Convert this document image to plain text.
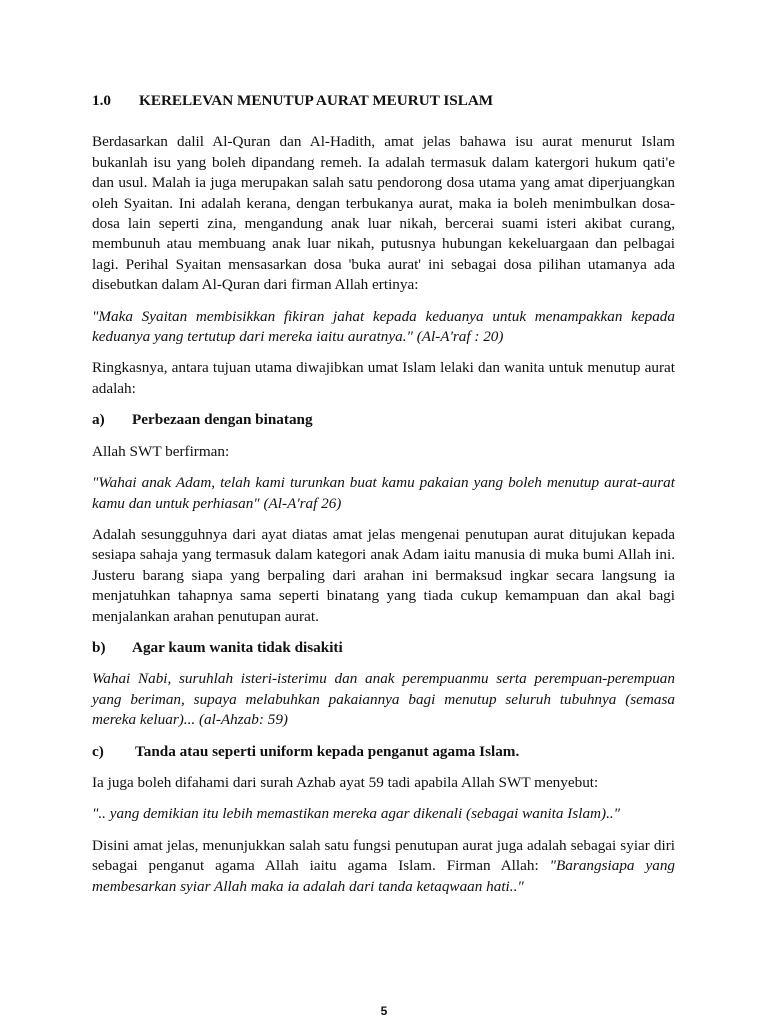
1.0 KERELEVAN MENUTUP AURAT MEURUT ISLAM

Berdasarkan dalil Al-Quran dan Al-Hadith, amat jelas bahawa isu aurat menurut Islam bukanlah isu yang boleh dipandang remeh. Ia adalah termasuk dalam katergori hukum qati'e dan usul. Malah ia juga merupakan salah satu pendorong dosa utama yang amat diperjuangkan oleh Syaitan. Ini adalah kerana, dengan terbukanya aurat, maka ia boleh menimbulkan dosa-dosa lain seperti zina, mengandung anak luar nikah, bercerai suami isteri akibat curang, membunuh atau membuang anak luar nikah, putusnya hubungan kekeluargaan dan pelbagai lagi. Perihal Syaitan mensasarkan dosa 'buka aurat' ini sebagai dosa pilihan utamanya ada disebutkan dalam Al-Quran dari firman Allah ertinya:

"Maka Syaitan membisikkan fikiran jahat kepada keduanya untuk menampakkan kepada keduanya yang tertutup dari mereka iaitu auratnya." (Al-A'raf : 20)

Ringkasnya, antara tujuan utama diwajibkan umat Islam lelaki dan wanita untuk menutup aurat adalah:

a) Perbezaan dengan binatang

Allah SWT berfirman:

"Wahai anak Adam, telah kami turunkan buat kamu pakaian yang boleh menutup aurat-aurat kamu dan untuk perhiasan" (Al-A'raf 26)

Adalah sesungguhnya dari ayat diatas amat jelas mengenai penutupan aurat ditujukan kepada sesiapa sahaja yang termasuk dalam kategori anak Adam iaitu manusia di muka bumi Allah ini. Justeru barang siapa yang berpaling dari arahan ini bermaksud ingkar secara langsung ia menjatuhkan tahapnya sama seperti binatang yang tiada cukup kemampuan dan akal bagi menjalankan arahan penutupan aurat.

b) Agar kaum wanita tidak disakiti

Wahai Nabi, suruhlah isteri-isterimu dan anak perempuanmu serta perempuan-perempuan yang beriman, supaya melabuhkan pakaiannya bagi menutup seluruh tubuhnya (semasa mereka keluar)... (al-Ahzab: 59)

c) Tanda atau seperti uniform kepada penganut agama Islam.

Ia juga boleh difahami dari surah Azhab ayat 59 tadi apabila Allah SWT menyebut:

".. yang demikian itu lebih memastikan mereka agar dikenali (sebagai wanita Islam).."

Disini amat jelas, menunjukkan salah satu fungsi penutupan aurat juga adalah sebagai syiar diri sebagai penganut agama Allah iaitu agama Islam. Firman Allah: "Barangsiapa yang membesarkan syiar Allah maka ia adalah dari tanda ketaqwaan hati.."

5
